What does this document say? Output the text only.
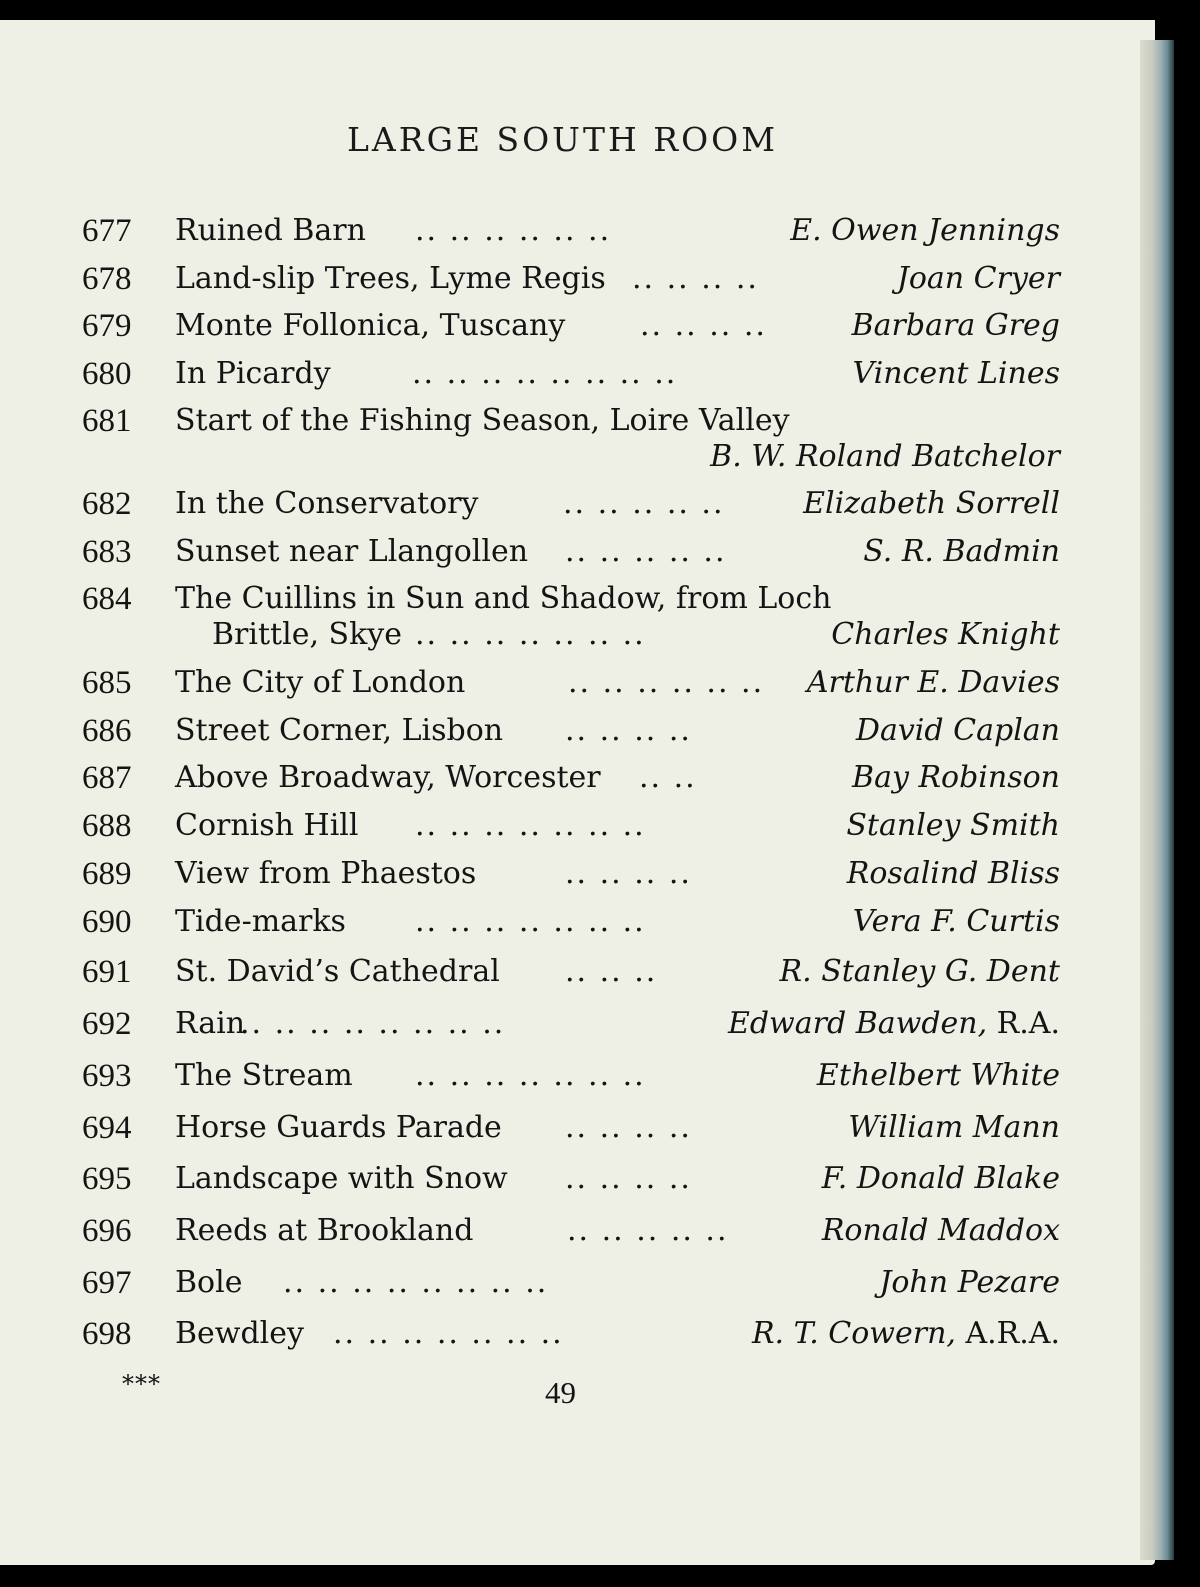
LARGE SOUTH ROOM
677 Ruined Barn .. .. .. .. .. ..	E. Owen Jennings
678 Land-slip Trees, Lyme Regis .. .. .. ..	Joan Cryer
679 Monte Follonica, Tuscany .. .. .. ..	Barbara Greg
680 In Picardy	.. .. .. .. .. .. .. ..	Vincent Lines
681 Start of the Fishing Season, Loire Valley
B. W. Roland Batchelor
682 In the Conservatory	.. .. .. .. ..	Elizabeth Sorrell
683 Sunset near Llangollen .. .. .. .. ..	S. R. Badmin
684 The Cuillins in Sun and Shadow, from Loch
Brittle, Skye .. .. .. .. .. .. ..	Charles Knight
685 The City of London	.. .. .. .. .. .. Arthur E. Davies
686 Street Corner, Lisbon .. .. .. ..	David Caplan
687 Above Broadway, Worcester .. ..	Bay Robinson
688 Cornish Hill .. .. .. .. .. .. ..	Stanley Smith
689 View from Phaestos	.. .. .. ..	Rosalind Bliss
690 Tide-marks .. .. .. .. .. .. ..	Vera F. Curtis
691 St. David’s Cathedral .. .. ..	R. Stanley G. Dent
692 Rain
.. .. .. .. .. .. .. ..	Edward Bawden, R.A.
693 The Stream .. .. .. .. .. .. ..	Ethelbert White
694 Horse Guards Parade .. .. .. ..	William Mann
695 Landscape with Snow .. .. .. ..	F. Donald Blake
696 Reeds at Brookland	.. .. .. .. ..	Ronald Maddox
697 Bole .. .. .. .. .. .. .. ..	John Pezare
698 Bewdley .. .. .. .. .. .. ..	R. T. Cowern, A.R.A.
***	49
